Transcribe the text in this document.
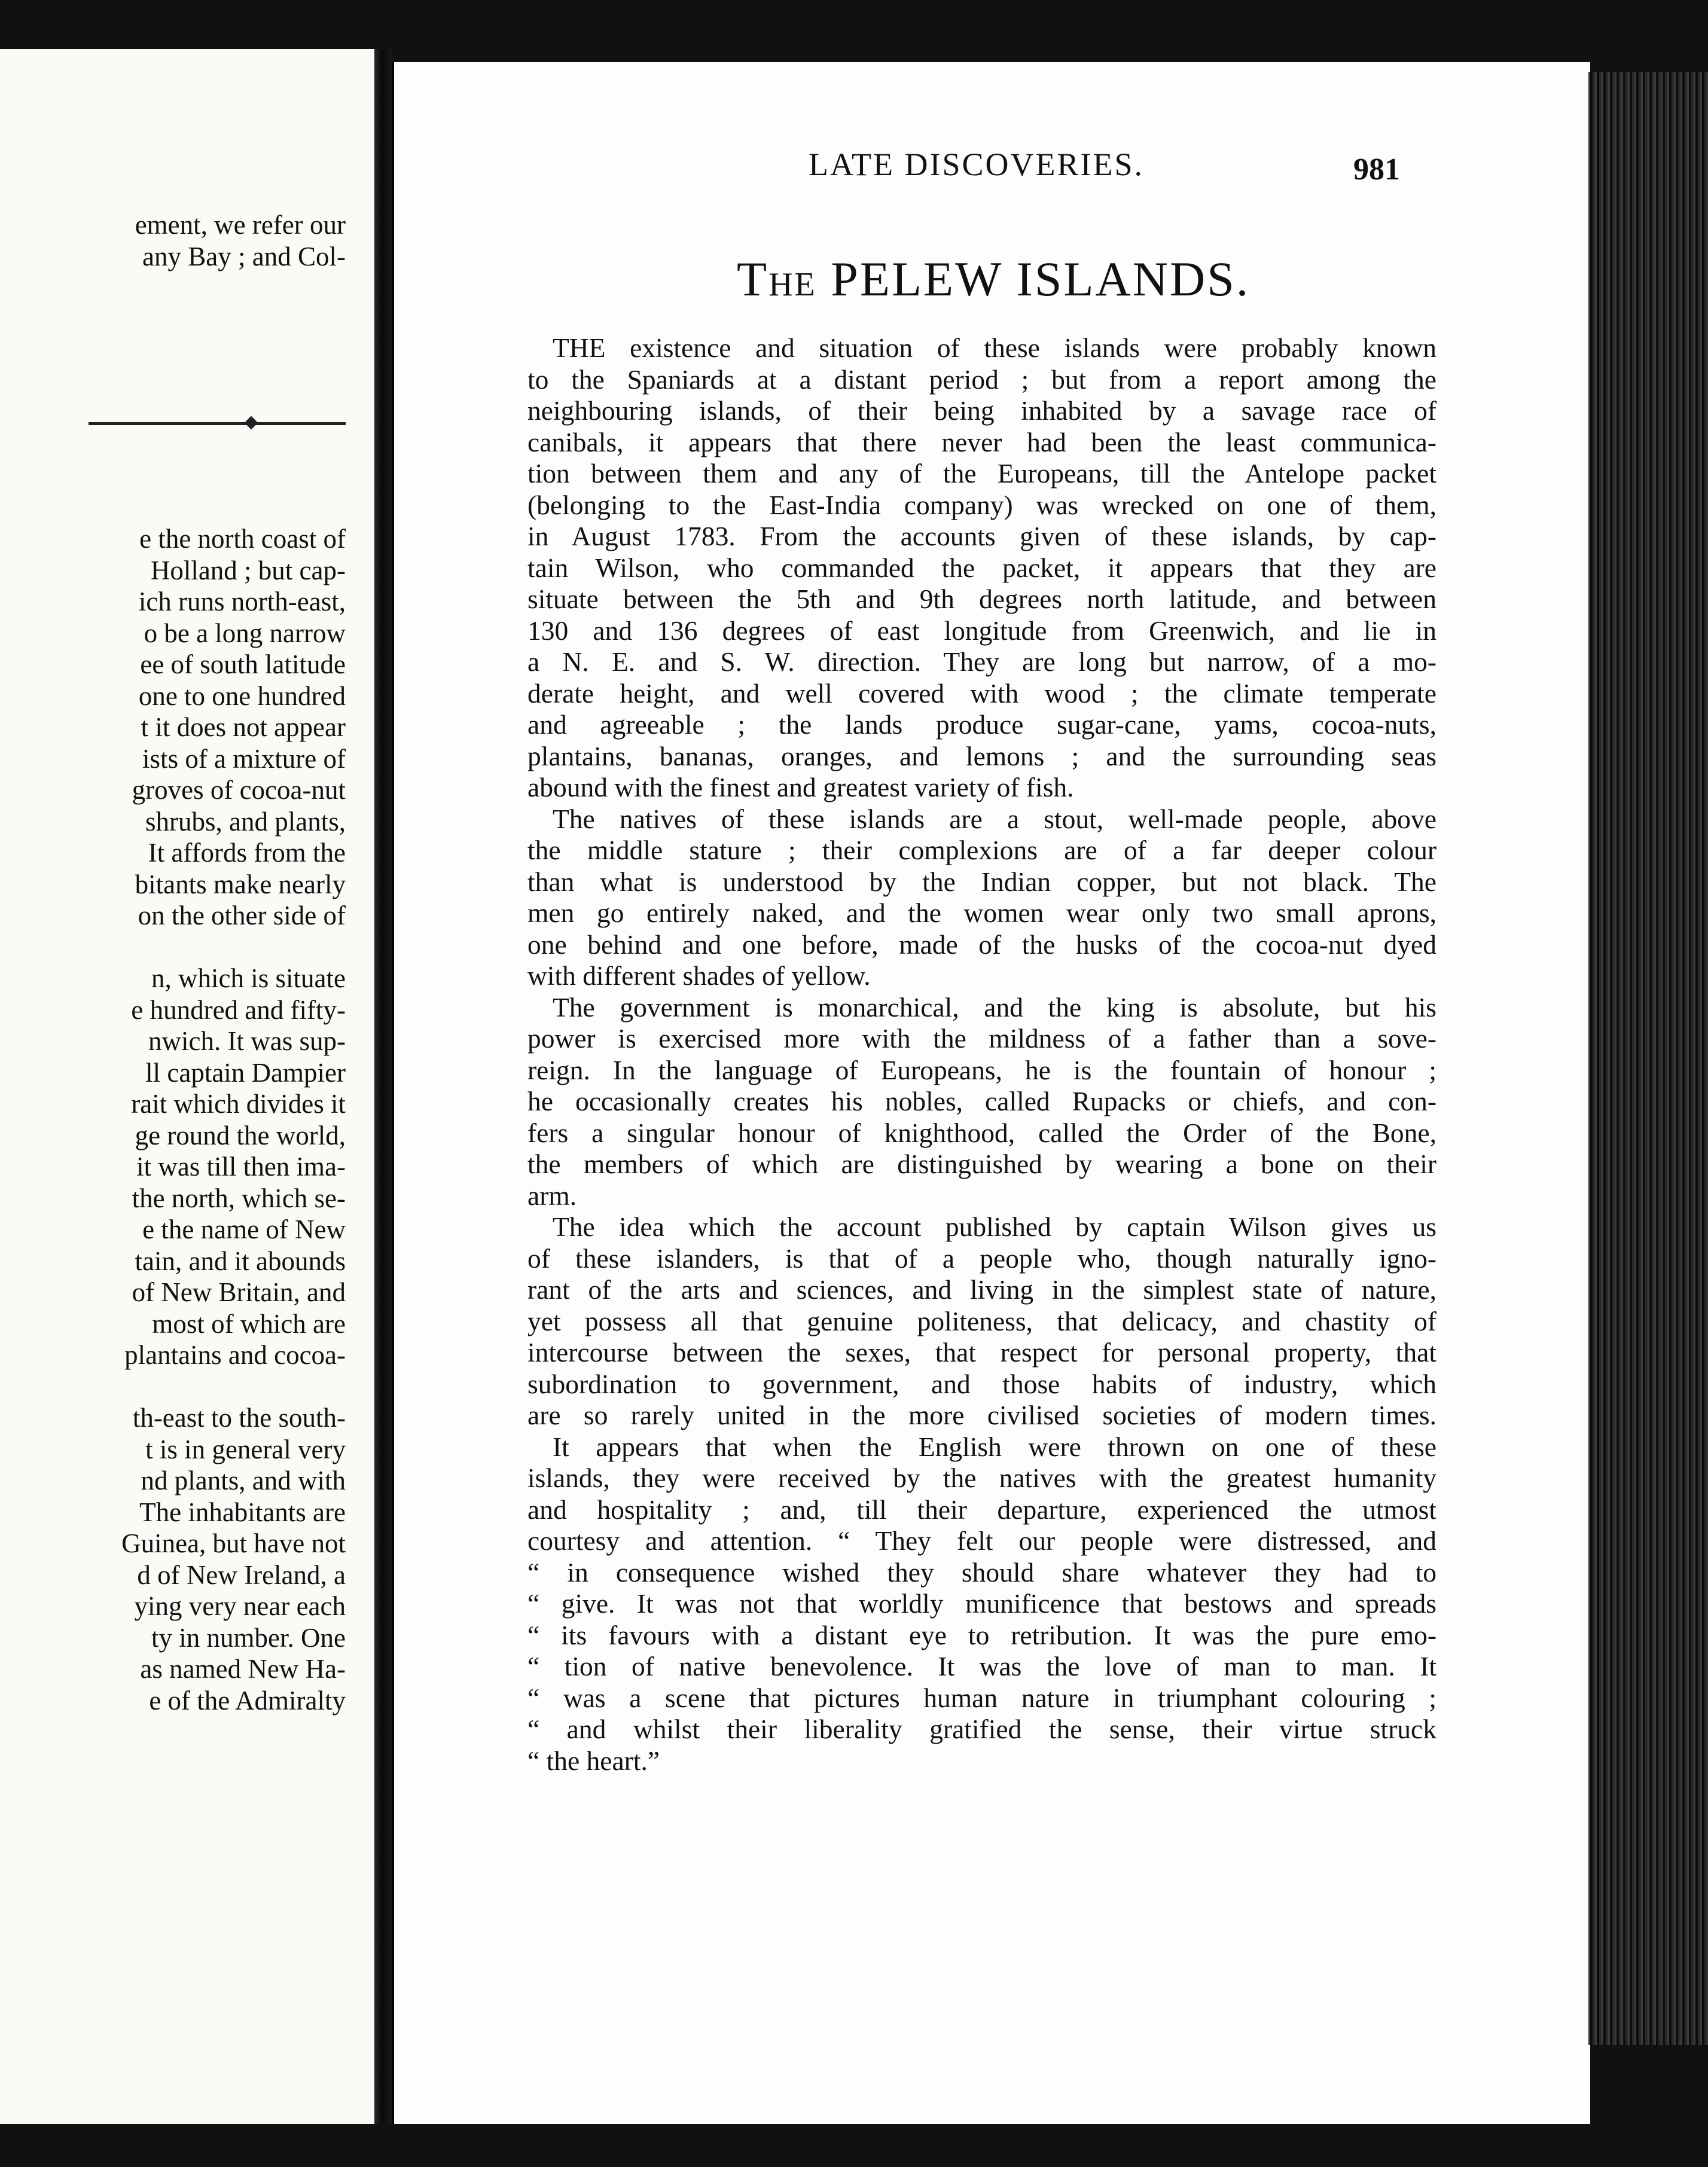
ement, we refer our
any Bay ; and Col-
e the north coast of
Holland ; but cap-
ich runs north-east,
o be a long narrow
ee of south latitude
one to one hundred
t it does not appear
ists of a mixture of
groves of cocoa-nut
shrubs, and plants,
It affords from the
bitants make nearly
on the other side of
n, which is situate
e hundred and fifty-
nwich. It was sup-
ll captain Dampier
rait which divides it
ge round the world,
it was till then ima-
the north, which se-
e the name of New
tain, and it abounds
of New Britain, and
most of which are
plantains and cocoa-
th-east to the south-
t is in general very
nd plants, and with
The inhabitants are
Guinea, but have not
d of New Ireland, a
ying very near each
ty in number. One
as named New Ha-
e of the Admiralty
LATE DISCOVERIES.	981
THE PELEW ISLANDS.
THE existence and situation of these islands were probably known
to the Spaniards at a distant period ; but from a report among the
neighbouring islands, of their being inhabited by a savage race of
canibals, it appears that there never had been the least communica-
tion between them and any of the Europeans, till the Antelope packet
(belonging to the East-India company) was wrecked on one of them,
in August 1783. From the accounts given of these islands, by cap-
tain Wilson, who commanded the packet, it appears that they are
situate between the 5th and 9th degrees north latitude, and between
130 and 136 degrees of east longitude from Greenwich, and lie in
a N. E. and S. W. direction. They are long but narrow, of a mo-
derate height, and well covered with wood ; the climate temperate
and agreeable ; the lands produce sugar-cane, yams, cocoa-nuts,
plantains, bananas, oranges, and lemons ; and the surrounding seas
abound with the finest and greatest variety of fish.
The natives of these islands are a stout, well-made people, above
the middle stature ; their complexions are of a far deeper colour
than what is understood by the Indian copper, but not black. The
men go entirely naked, and the women wear only two small aprons,
one behind and one before, made of the husks of the cocoa-nut dyed
with different shades of yellow.
The government is monarchical, and the king is absolute, but his
power is exercised more with the mildness of a father than a sove-
reign. In the language of Europeans, he is the fountain of honour ;
he occasionally creates his nobles, called Rupacks or chiefs, and con-
fers a singular honour of knighthood, called the Order of the Bone,
the members of which are distinguished by wearing a bone on their
arm.
The idea which the account published by captain Wilson gives us
of these islanders, is that of a people who, though naturally igno-
rant of the arts and sciences, and living in the simplest state of nature,
yet possess all that genuine politeness, that delicacy, and chastity of
intercourse between the sexes, that respect for personal property, that
subordination to government, and those habits of industry, which
are so rarely united in the more civilised societies of modern times.
It appears that when the English were thrown on one of these
islands, they were received by the natives with the greatest humanity
and hospitality ; and, till their departure, experienced the utmost
courtesy and attention. “ They felt our people were distressed, and
“ in consequence wished they should share whatever they had to
“ give. It was not that worldly munificence that bestows and spreads
“ its favours with a distant eye to retribution. It was the pure emo-
“ tion of native benevolence. It was the love of man to man. It
“ was a scene that pictures human nature in triumphant colouring ;
“ and whilst their liberality gratified the sense, their virtue struck
“ the heart.”
